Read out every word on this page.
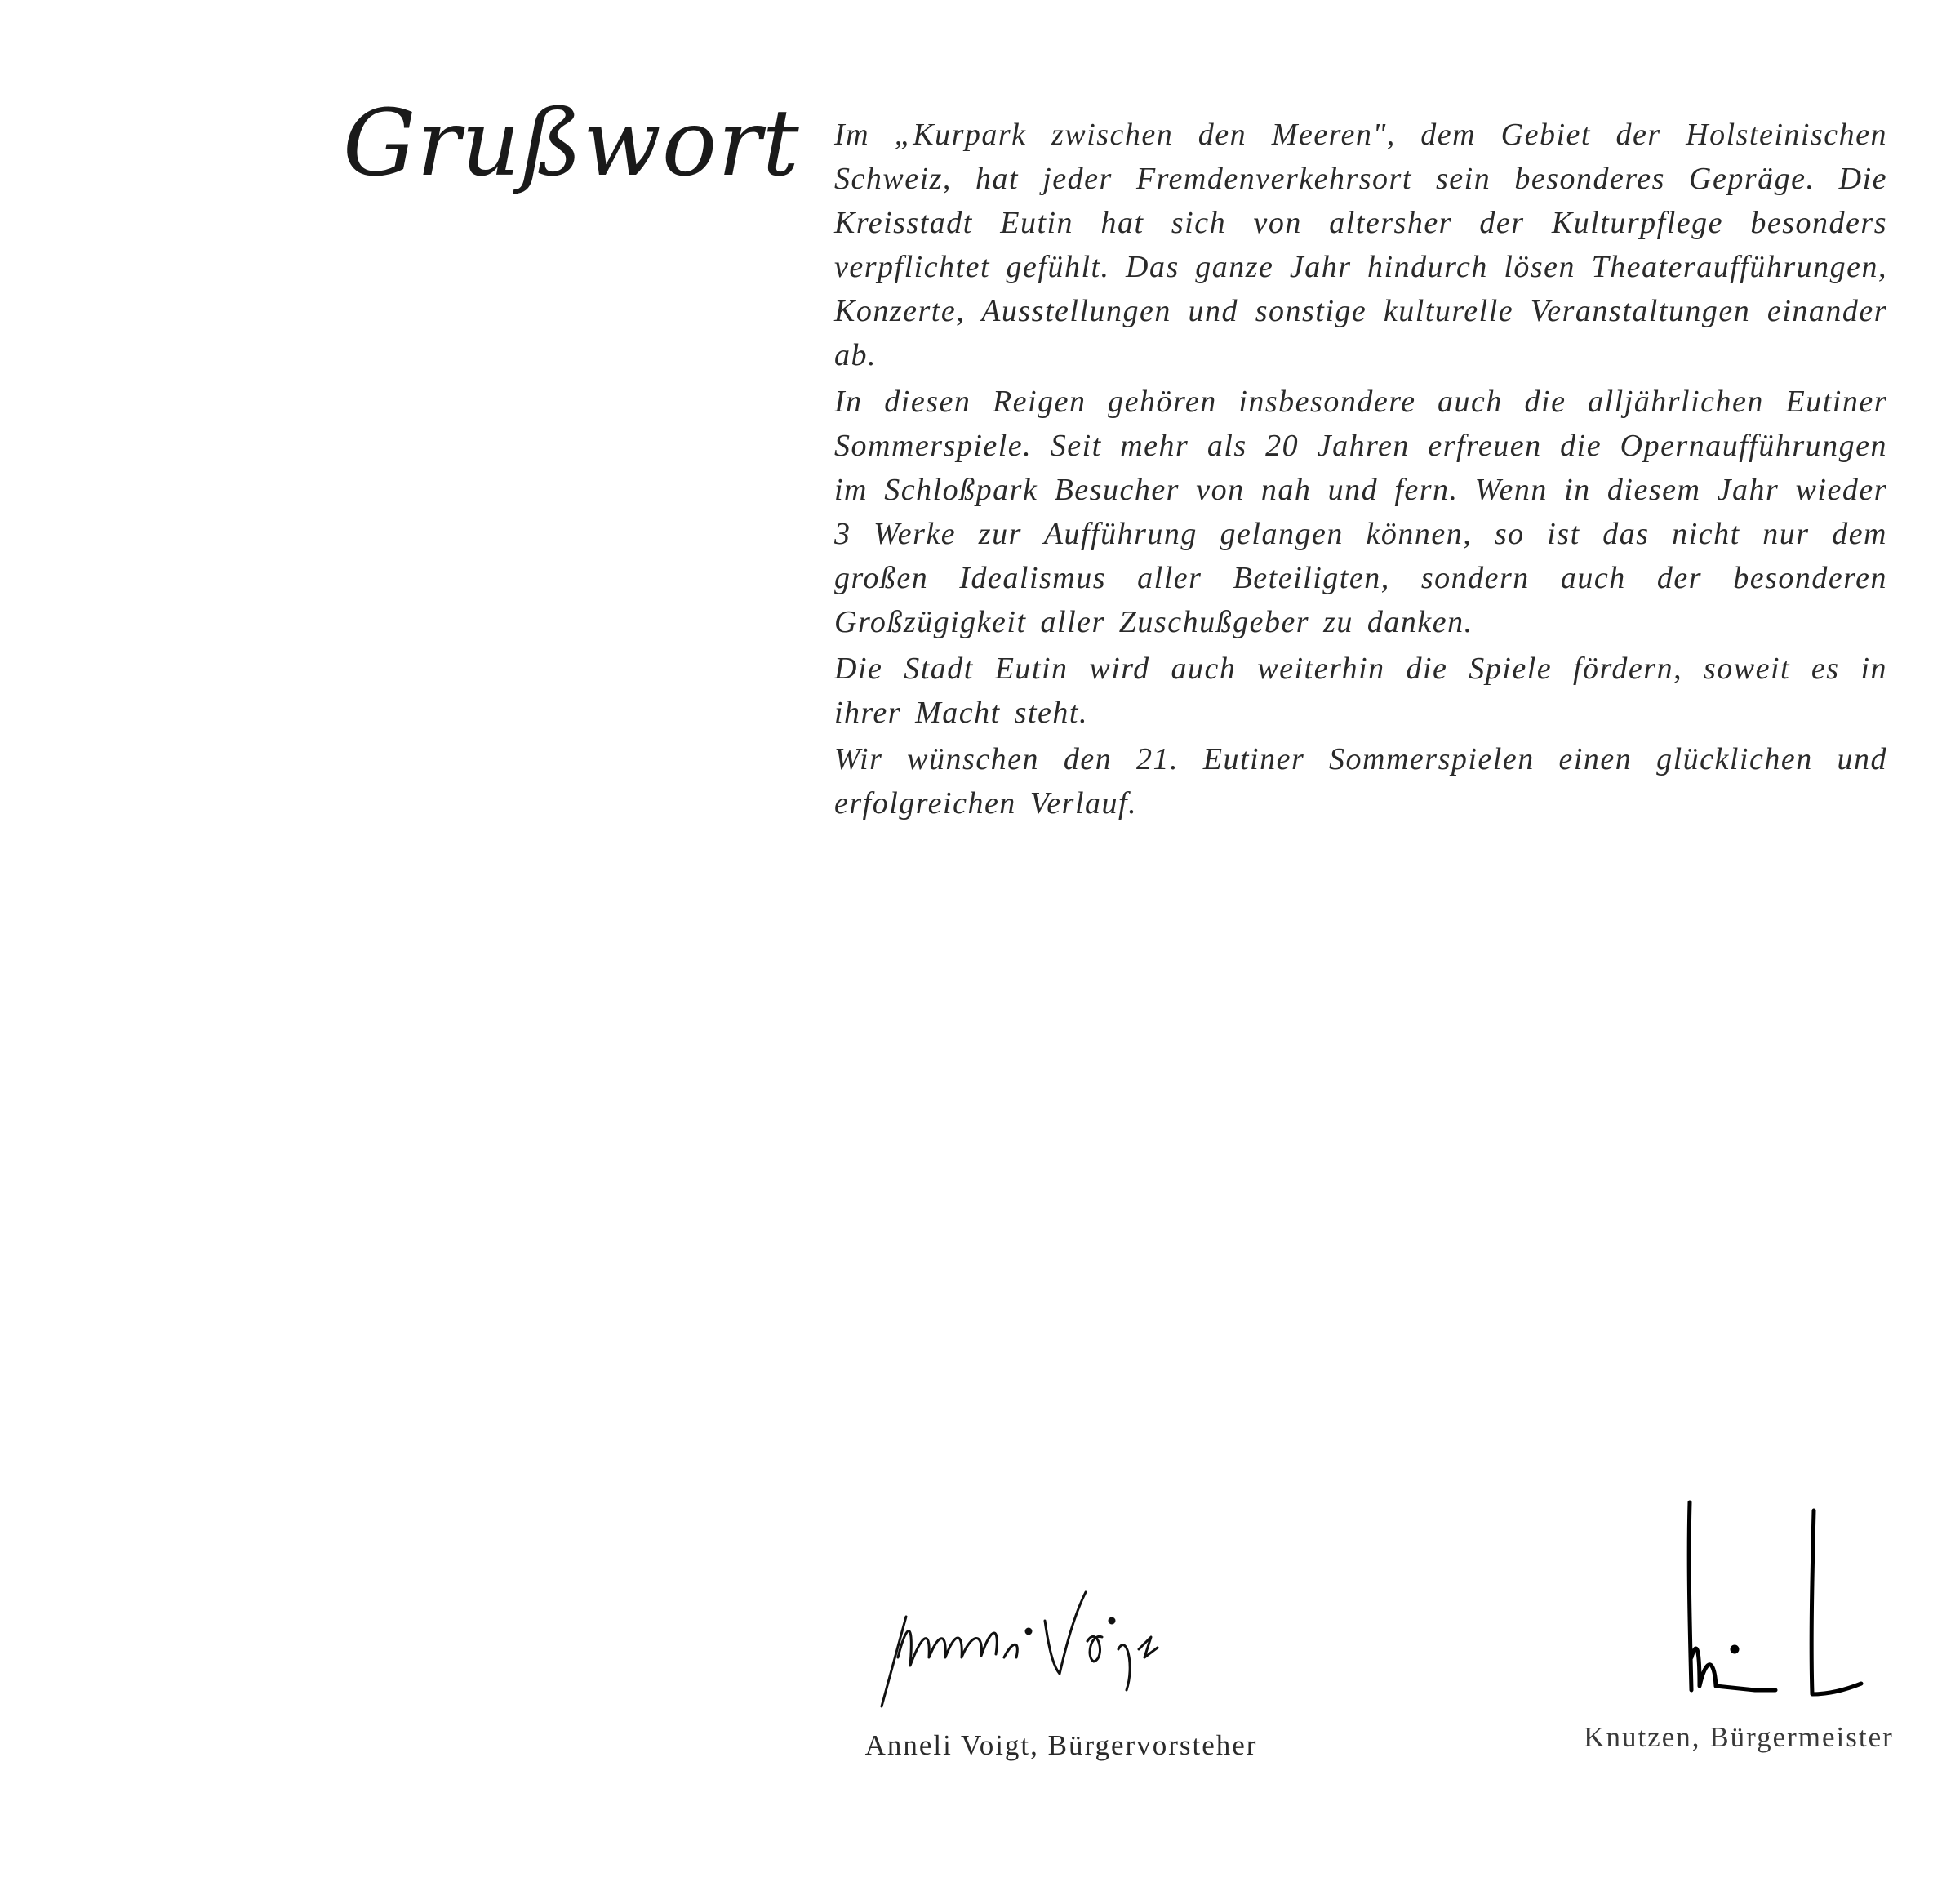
Grußwort Im „Kurpark zwischen den Meeren", dem Gebiet der Holsteinischen Schweiz, hat jeder Fremdenverkehrsort sein besonderes Gepräge. Die Kreisstadt Eutin hat sich von altersher der Kulturpflege besonders verpflichtet gefühlt. Das ganze Jahr hindurch lösen Theateraufführungen, Konzerte, Ausstellungen und sonstige kulturelle Veranstaltungen einander ab.

In diesen Reigen gehören insbesondere auch die alljährlichen Eutiner Sommerspiele. Seit mehr als 20 Jahren erfreuen die Opernaufführungen im Schloßpark Besucher von nah und fern. Wenn in diesem Jahr wieder 3 Werke zur Aufführung gelangen können, so ist das nicht nur dem großen Idealismus aller Beteiligten, sondern auch der besonderen Großzügigkeit aller Zuschußgeber zu danken.

Die Stadt Eutin wird auch weiterhin die Spiele fördern, soweit es in ihrer Macht steht.

Wir wünschen den 21. Eutiner Sommerspielen einen glücklichen und erfolgreichen Verlauf.

Anneli Voigt, Bürgervorsteher	Knutzen, Bürgermeister
